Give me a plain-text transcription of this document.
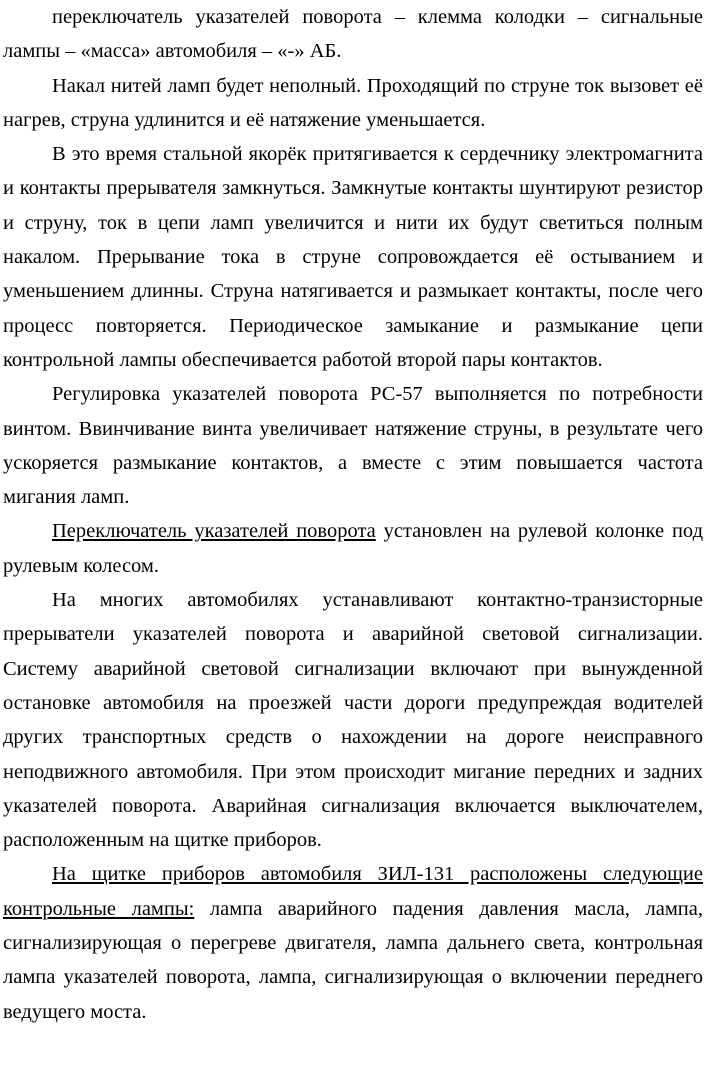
переключатель указателей поворота – клемма колодки – сигнальные лампы – «масса» автомобиля – «-» АБ.

Накал нитей ламп будет неполный. Проходящий по струне ток вызовет её нагрев, струна удлинится и её натяжение уменьшается.

В это время стальной якорёк притягивается к сердечнику электромагнита и контакты прерывателя замкнуться. Замкнутые контакты шунтируют резистор и струну, ток в цепи ламп увеличится и нити их будут светиться полным накалом. Прерывание тока в струне сопровождается её остыванием и уменьшением длинны. Струна натягивается и размыкает контакты, после чего процесс повторяется. Периодическое замыкание и размыкание цепи контрольной лампы обеспечивается работой второй пары контактов.

Регулировка указателей поворота РС-57 выполняется по потребности винтом. Ввинчивание винта увеличивает натяжение струны, в результате чего ускоряется размыкание контактов, а вместе с этим повышается частота мигания ламп.

Переключатель указателей поворота установлен на рулевой колонке под рулевым колесом.

На многих автомобилях устанавливают контактно-транзисторные прерыватели указателей поворота и аварийной световой сигнализации. Систему аварийной световой сигнализации включают при вынужденной остановке автомобиля на проезжей части дороги предупреждая водителей других транспортных средств о нахождении на дороге неисправного неподвижного автомобиля. При этом происходит мигание передних и задних указателей поворота. Аварийная сигнализация включается выключателем, расположенным на щитке приборов.

На щитке приборов автомобиля ЗИЛ-131 расположены следующие контрольные лампы: лампа аварийного падения давления масла, лампа, сигнализирующая о перегреве двигателя, лампа дальнего света, контрольная лампа указателей поворота, лампа, сигнализирующая о включении переднего ведущего моста.
